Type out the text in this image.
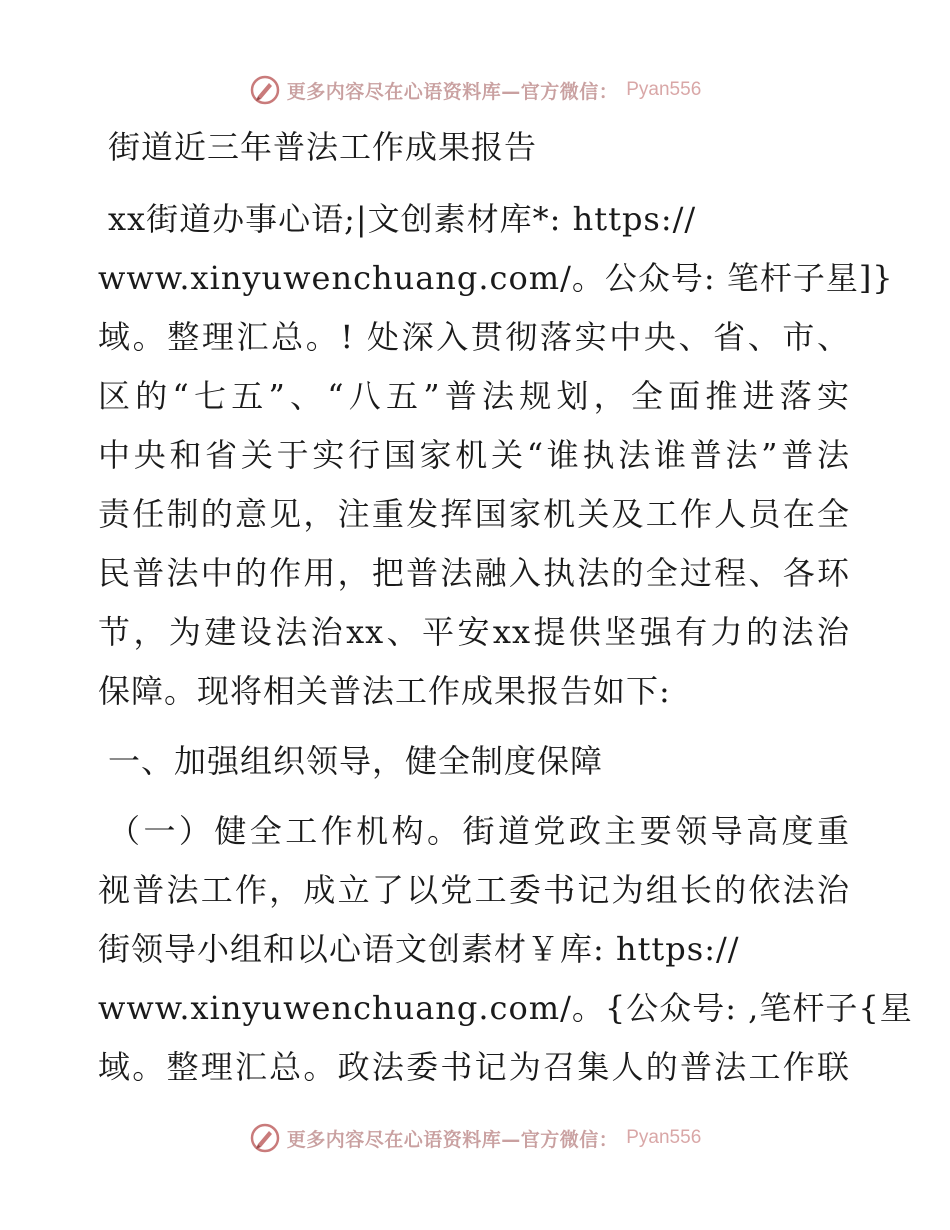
更多内容尽在心语资料库—官方微信： Pyan556
街道近三年普法工作成果报告
xx街道办事心语;|文创素材库*: https://
www.xinyuwenchuang.com/。公众号: 笔杆子星]}
域。整理汇总。! 处深入贯彻落实中央、省、市、
区的“七五”、“八五”普法规划，全面推进落实
中央和省关于实行国家机关“谁执法谁普法”普法
责任制的意见，注重发挥国家机关及工作人员在全
民普法中的作用，把普法融入执法的全过程、各环
节，为建设法治xx、平安xx提供坚强有力的法治
保障。现将相关普法工作成果报告如下:
一、加强组织领导，健全制度保障
（一）健全工作机构。街道党政主要领导高度重
视普法工作，成立了以党工委书记为组长的依法治
街领导小组和以心语文创素材￥库: https://
www.xinyuwenchuang.com/。{公众号: ,笔杆子{星
域。整理汇总。政法委书记为召集人的普法工作联
更多内容尽在心语资料库—官方微信： Pyan556
